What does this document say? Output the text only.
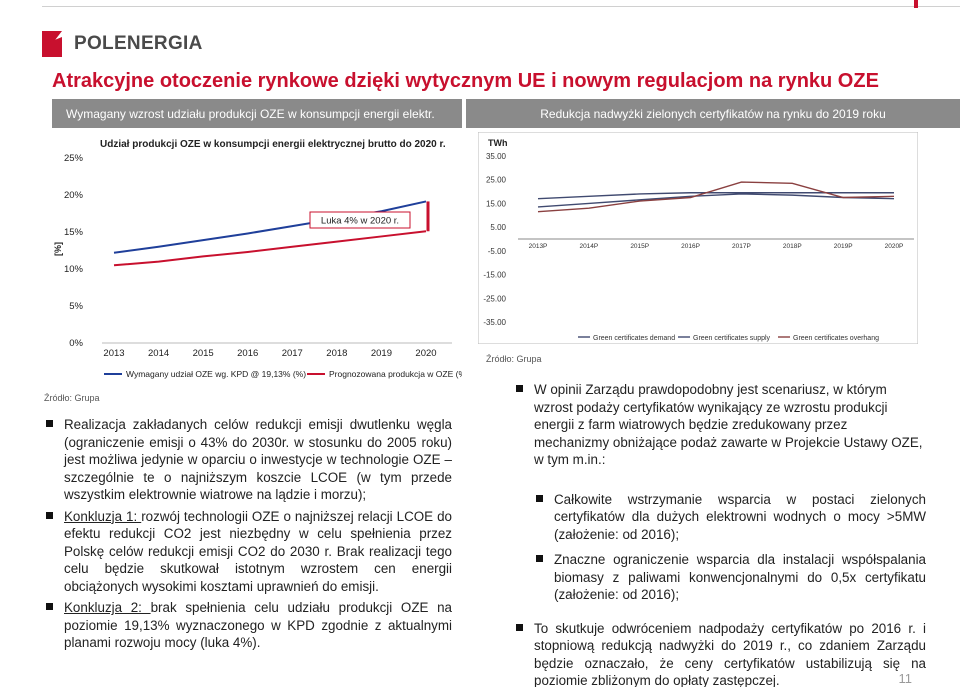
POLENERGIA
Atrakcyjne otoczenie rynkowe dzięki wytycznym UE i nowym regulacjom na rynku OZE
Wymagany wzrost udziału produkcji OZE w konsumpcji energii elektr.	Redukcja nadwyżki zielonych certyfikatów na rynku do 2019 roku
Udział produkcji OZE w konsumpcji energii elektrycznej brutto do 2020 r.
[%]
0%
5%
10%
15%
20%
25%
2013 2014 2015 2016 2017 2018 2019 2020
Luka 4% w 2020 r.
Wymagany udział OZE wg. KPD @ 19,13% (%)	Prognozowana produkcja w OZE (%)
Źródło: Grupa
TWh
35.00
25.00
15.00
5.00
-5.00
-15.00
-25.00
-35.00
2013P	2014P	2015P	2016P	2017P	2018P	2019P	2020P
Green certificates demand	Green certificates supply	Green certificates overhang
Źródło: Grupa
Realizacja zakładanych celów redukcji emisji dwutlenku węgla (ograniczenie emisji o 43% do 2030r. w stosunku do 2005 roku) jest możliwa jedynie w oparciu o inwestycje w technologie OZE – szczególnie te o najniższym koszcie LCOE (w tym przede wszystkim elektrownie wiatrowe na lądzie i morzu);
Konkluzja 1: rozwój technologii OZE o najniższej relacji LCOE do efektu redukcji CO2 jest niezbędny w celu spełnienia przez Polskę celów redukcji emisji CO2 do 2030 r. Brak realizacji tego celu będzie skutkował istotnym wzrostem cen energii obciążonych wysokimi kosztami uprawnień do emisji.
Konkluzja 2: brak spełnienia celu udziału produkcji OZE na poziomie 19,13% wyznaczonego w KPD zgodnie z aktualnymi planami rozwoju mocy (luka 4%).
W opinii Zarządu prawdopodobny jest scenariusz, w którym wzrost podaży certyfikatów wynikający ze wzrostu produkcji energii z farm wiatrowych będzie zredukowany przez mechanizmy obniżające podaż zawarte w Projekcie Ustawy OZE, w tym m.in.:
Całkowite wstrzymanie wsparcia w postaci zielonych certyfikatów dla dużych elektrowni wodnych o mocy >5MW (założenie: od 2016);
Znaczne ograniczenie wsparcia dla instalacji współspalania biomasy z paliwami konwencjonalnymi do 0,5x certyfikatu (założenie: od 2016);
To skutkuje odwróceniem nadpodaży certyfikatów po 2016 r. i stopniową redukcją nadwyżki do 2019 r., co zdaniem Zarządu będzie oznaczało, że ceny certyfikatów ustabilizują się na poziomie zbliżonym do opłaty zastępczej.	11
